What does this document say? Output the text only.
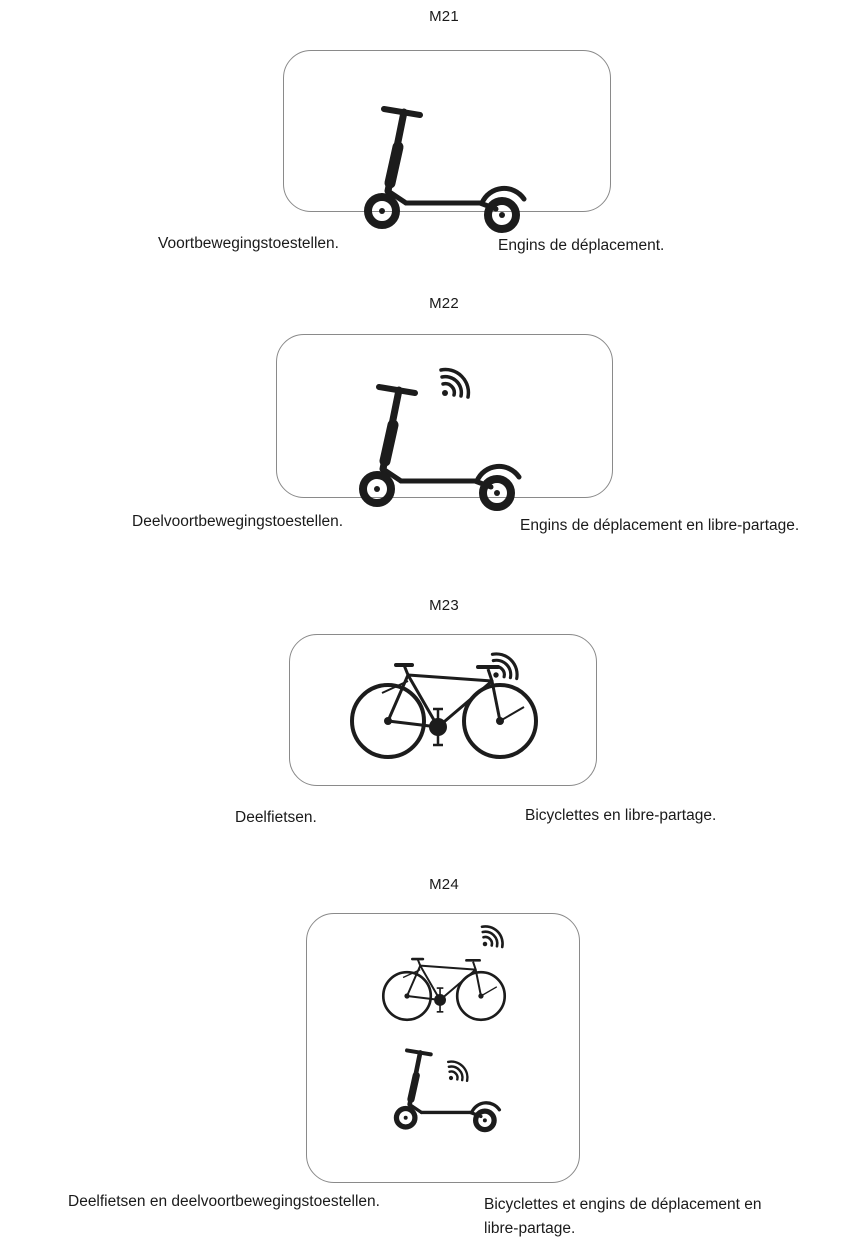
M21
Voortbewegingstoestellen.	Engins de déplacement.
M22
Deelvoortbewegingstoestellen.	Engins de déplacement en libre-partage.
M23
Deelfietsen.	Bicyclettes en libre-partage.
M24
Deelfietsen en deelvoortbewegingstoestellen.	Bicyclettes et engins de déplacement en
libre-partage.
